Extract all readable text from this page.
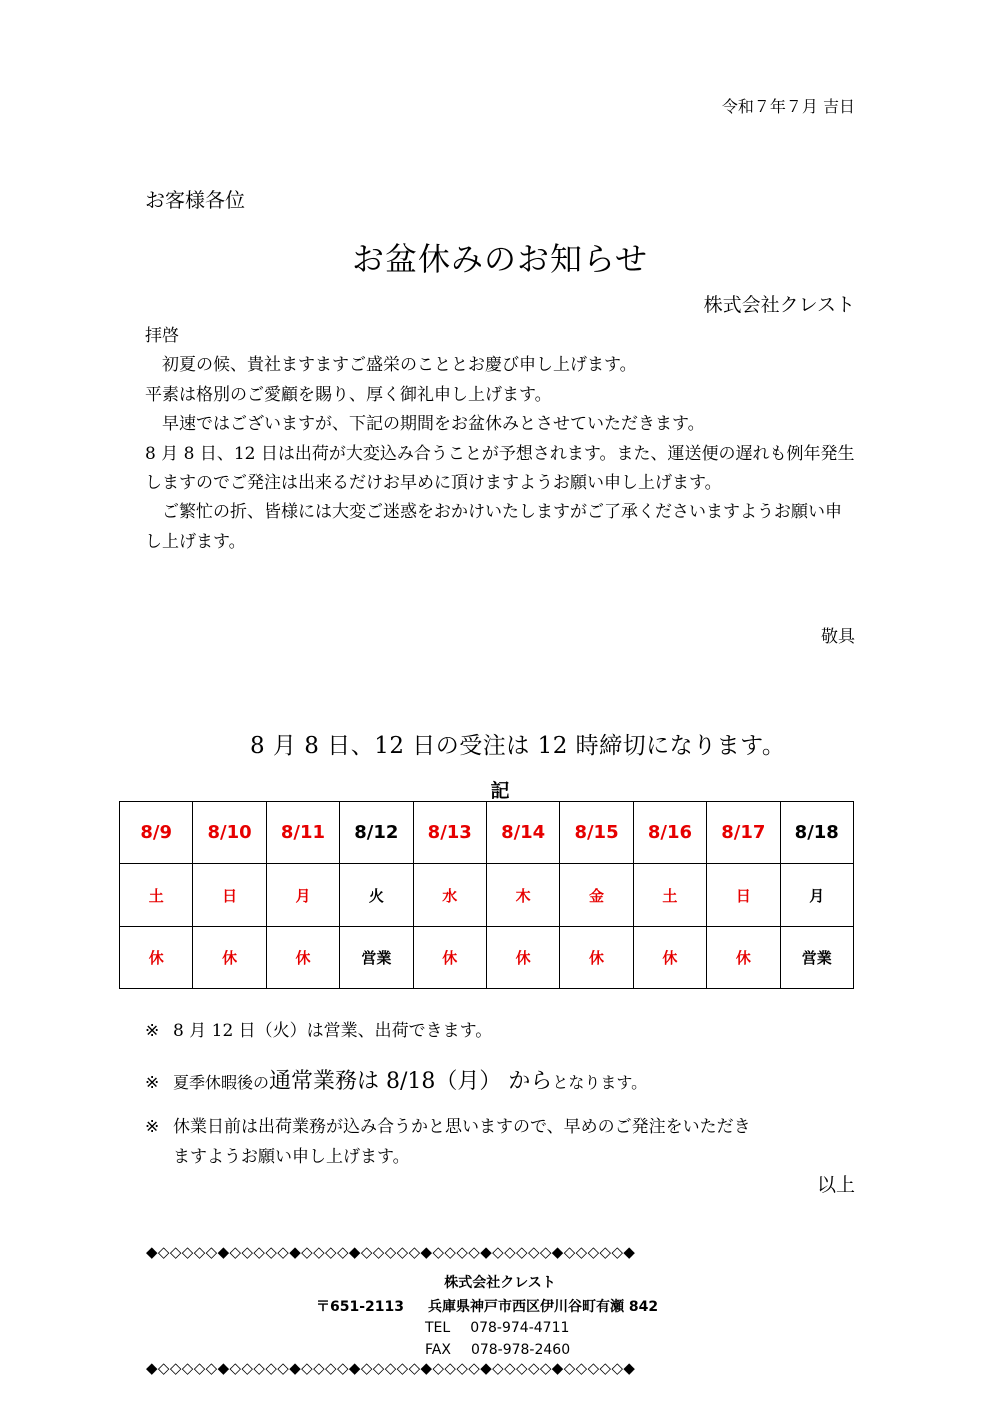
令和７年７月 吉日
お客様各位
お盆休みのお知らせ
株式会社クレスト

拝啓

初夏の候、貴社ますますご盛栄のこととお慶び申し上げます。

平素は格別のご愛顧を賜り、厚く御礼申し上げます。

早速ではございますが、下記の期間をお盆休みとさせていただきます。

8 月 8 日、12 日は出荷が大変込み合うことが予想されます。また、運送便の遅れも例年発生しますのでご発注は出来るだけお早めに頂けますようお願い申し上げます。

ご繁忙の折、皆様には大変ご迷惑をおかけいたしますがご了承くださいますようお願い申し上げます。

敬具
8 月 8 日、12 日の受注は 12 時締切になります。
記
8/9	8/10	8/11	8/12	8/13	8/14	8/15	8/16	8/17	8/18
土	日	月	火	水	木	金	土	日	月
休	休	休	営業	休	休	休	休	休	営業
※ 8 月 12 日（火）は営業、出荷できます。
※ 夏季休暇後の通常業務は 8/18（月） からとなります。
※ 休業日前は出荷業務が込み合うかと思いますので、早めのご発注をいただき
ますようお願い申し上げます。
以上
◆◇◇◇◇◇◆◇◇◇◇◇◆◇◇◇◇◆◇◇◇◇◇◆◇◇◇◇◆◇◇◇◇◇◆◇◇◇◇◇◆
株式会社クレスト
〒651-2113 兵庫県神戸市西区伊川谷町有瀬 842
TEL 078-974-4711
FAX 078-978-2460
◆◇◇◇◇◇◆◇◇◇◇◇◆◇◇◇◇◆◇◇◇◇◇◆◇◇◇◇◆◇◇◇◇◇◆◇◇◇◇◇◆
